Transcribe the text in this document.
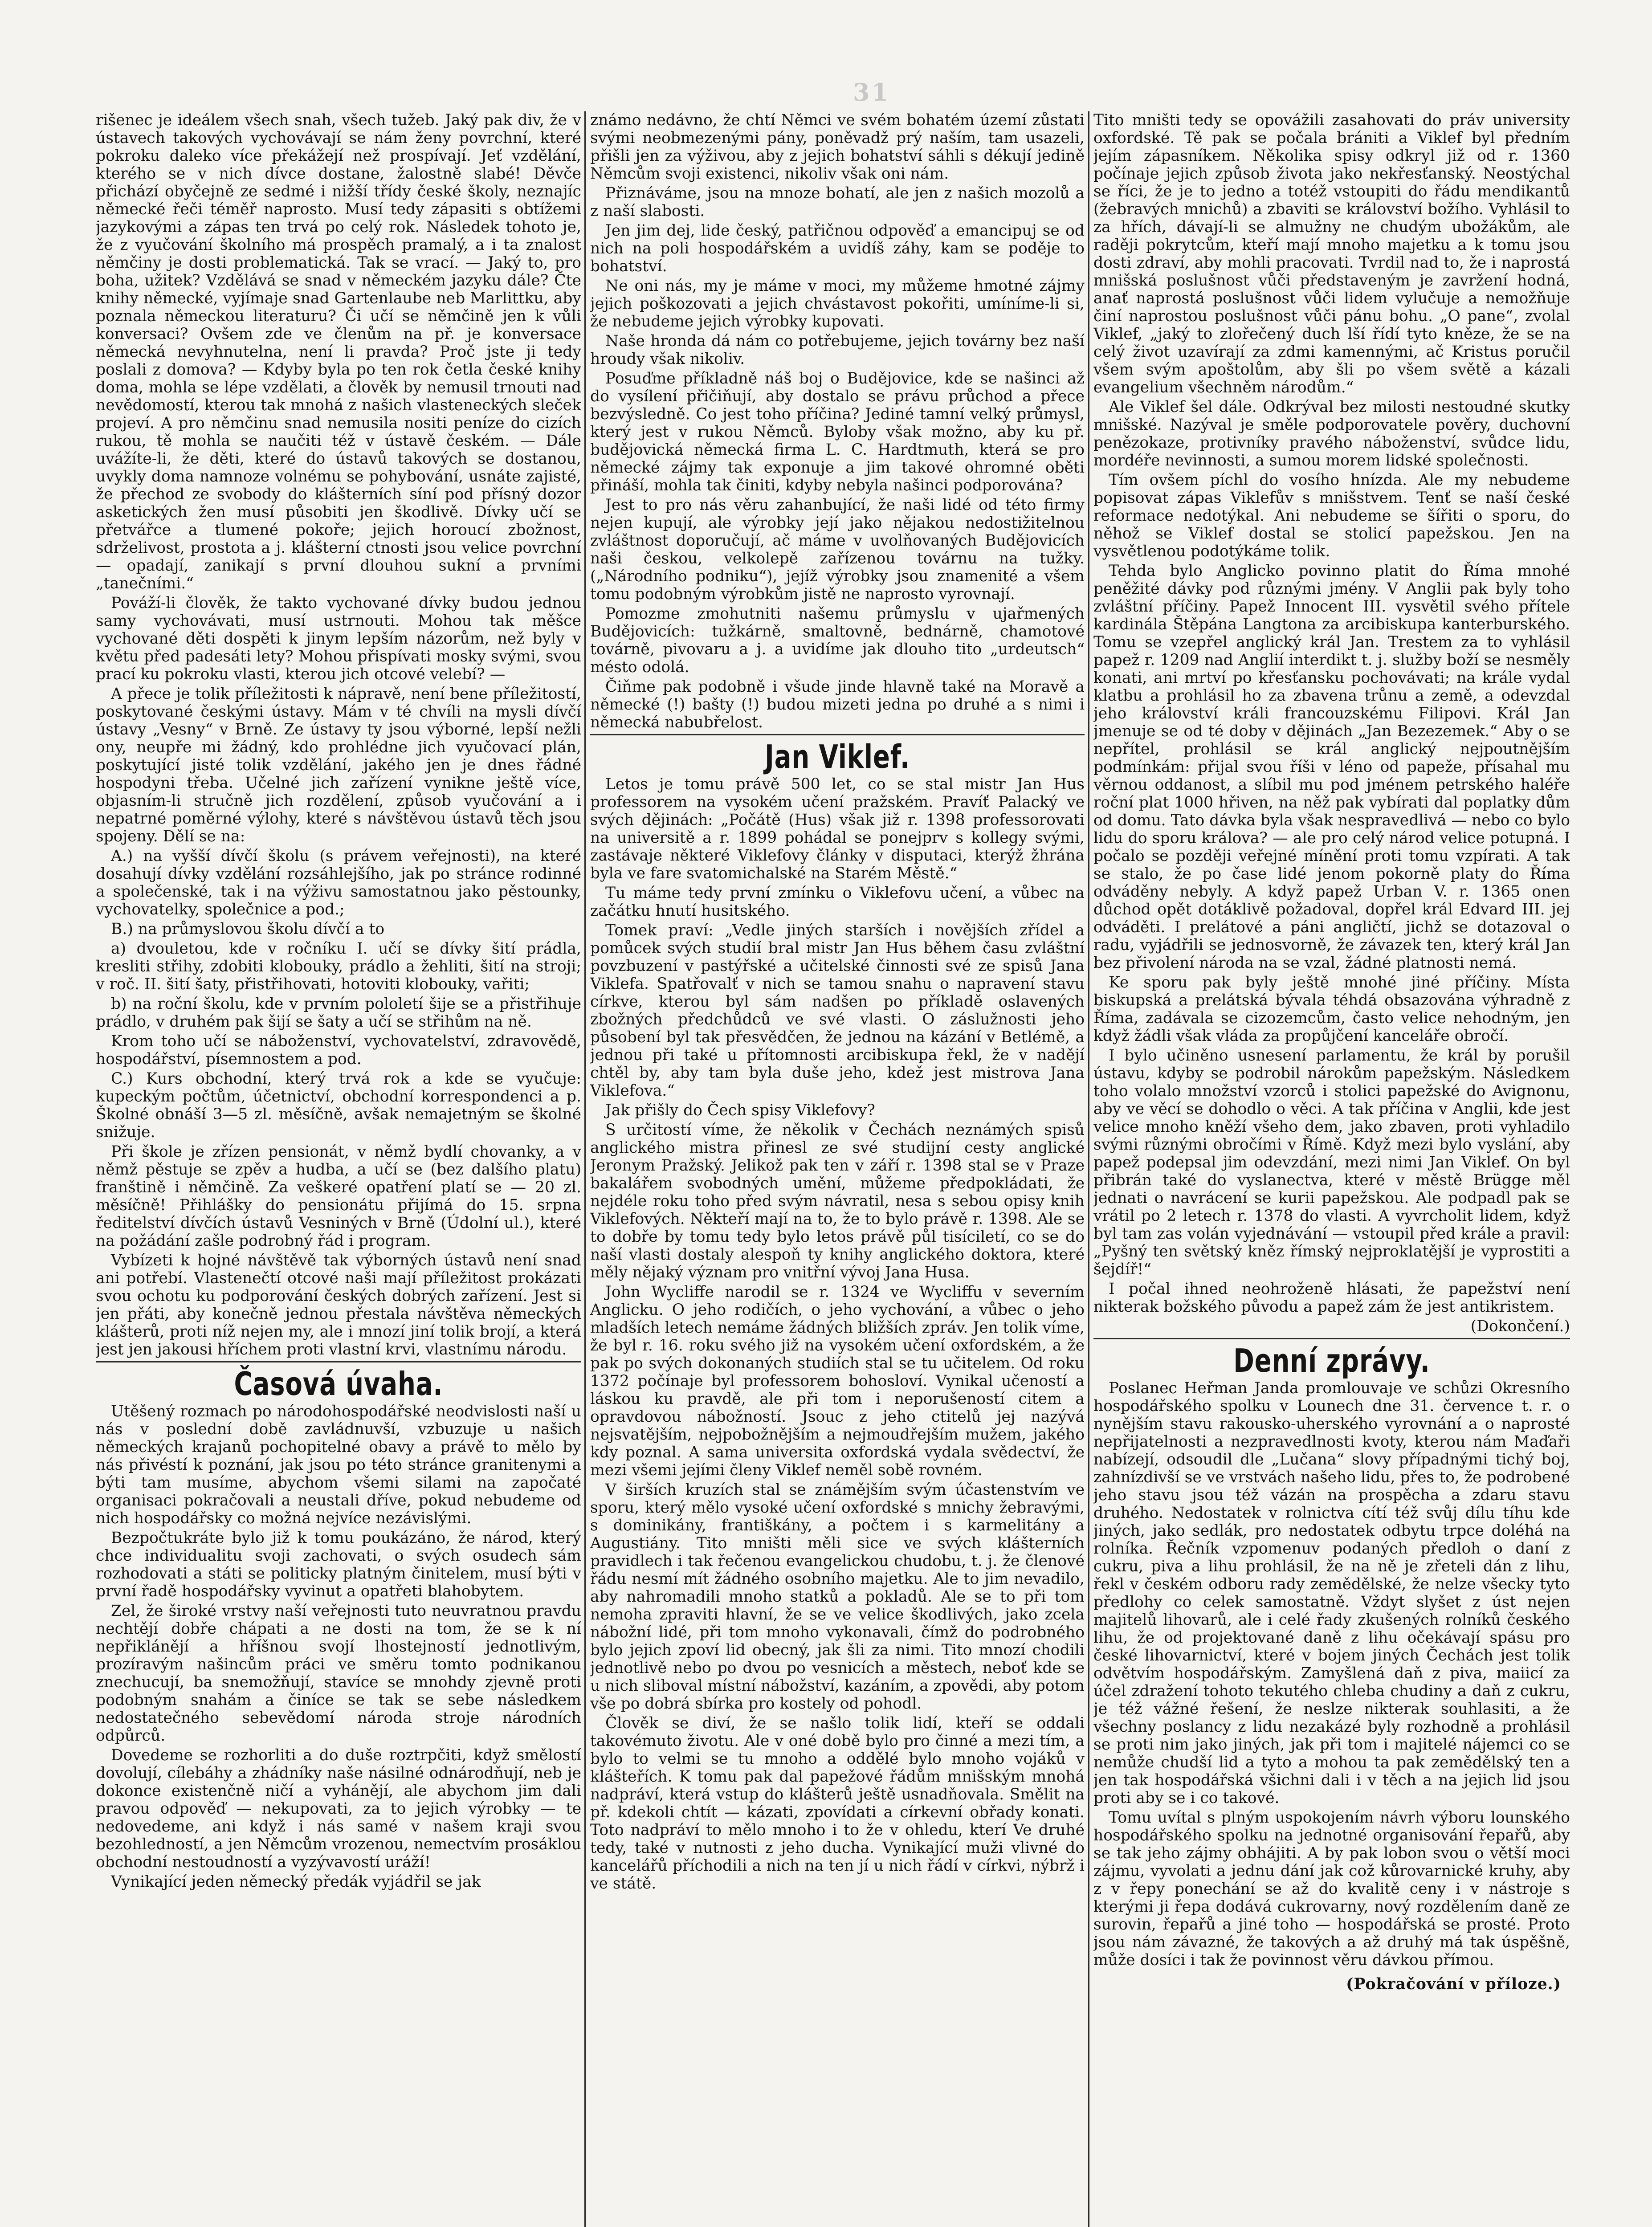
31

rišenec je ideálem všech snah, všech tužeb. Jaký pak div, že v ústavech takových vychovávají se nám ženy povrchní, které pokroku daleko více překážejí než prospívají. Jeť vzdělání, kterého se v nich dívce dostane, žalostně slabé! Děvče přichází obyčejně ze sedmé i nižší třídy české školy, neznajíc německé řeči téměř naprosto. Musí tedy zápasiti s obtížemi jazykovými a zápas ten trvá po celý rok. Následek tohoto je, že z vyučování školního má prospěch pramalý, a i ta znalost němčiny je dosti problematická. Tak se vrací. — Jaký to, pro boha, užitek? Vzdělává se snad v německém jazyku dále? Čte knihy německé, vyjímaje snad Gartenlaube neb Marlittku, aby poznala německou literaturu? Či učí se němčině jen k vůli konversaci? Ovšem zde ve členům na př. je konversace německá nevyhnutelna, není li pravda? Proč jste ji tedy poslali z domova? — Kdyby byla po ten rok četla české knihy doma, mohla se lépe vzdělati, a člověk by nemusil trnouti nad nevědomostí, kterou tak mnohá z našich vlasteneckých sleček projeví. A pro němčinu snad nemusila nositi peníze do cizích rukou, tě mohla se naučiti též v ústavě českém. — Dále uvážíte-li, že děti, které do ústavů takových se dostanou, uvykly doma namnoze volnému se pohybování, usnáte zajisté, že přechod ze svobody do klášterních síní pod přísný dozor asketických žen musí působiti jen škodlivě. Dívky učí se přetvářce a tlumené pokoře; jejich horoucí zbožnost, sdrželivost, prostota a j. klášterní ctnosti jsou velice povrchní — opadají, zanikají s první dlouhou sukní a prvními „tanečními.“

Pováží-li člověk, že takto vychované dívky budou jednou samy vychovávati, musí ustrnouti. Mohou tak měšce vychované děti dospěti k jinym lepším názorům, než byly v květu před padesáti lety? Mohou přispívati mosky svými, svou prací ku pokroku vlasti, kterou jich otcové velebí? —

A přece je tolik příležitosti k nápravě, není bene příležitostí, poskytované českými ústavy. Mám v té chvíli na mysli dívčí ústavy „Vesny“ v Brně. Ze ústavy ty jsou výborné, lepší nežli ony, neupře mi žádný, kdo prohlédne jich vyučovací plán, poskytující jisté tolik vzdělání, jakého jen je dnes řádné hospodyni třeba. Učelné jich zařízení vynikne ještě více, objasním-li stručně jich rozdělení, způsob vyučování a i nepatrné poměrné výlohy, které s návštěvou ústavů těch jsou spojeny. Dělí se na:

A.) na vyšší dívčí školu (s právem veřejnosti), na které dosahují dívky vzdělání rozsáhlejšího, jak po stránce rodinné a společenské, tak i na výživu samostatnou jako pěstounky, vychovatelky, společnice a pod.;

B.) na průmyslovou školu dívčí a to

a) dvouletou, kde v ročníku I. učí se dívky šití prádla, kresliti střihy, zdobiti klobouky, prádlo a žehliti, šití na stroji; v roč. II. šití šaty, přistřihovati, hotoviti klobouky, vařiti;

b) na roční školu, kde v prvním pololetí šije se a přistřihuje prádlo, v druhém pak šijí se šaty a učí se střihům na ně.

Krom toho učí se náboženství, vychovatelství, zdravovědě, hospodářství, písemnostem a pod.

C.) Kurs obchodní, který trvá rok a kde se vyučuje: kupeckým počtům, účetnictví, obchodní korrespondenci a p. Školné obnáší 3—5 zl. měsíčně, avšak nemajetným se školné snižuje.

Při škole je zřízen pensionát, v němž bydlí chovanky, a v němž pěstuje se zpěv a hudba, a učí se (bez dalšího platu) franštině i němčině. Za veškeré opatření platí se — 20 zl. měsíčně! Přihlášky do pensionátu přijímá do 15. srpna ředitelství dívčích ústavů Vesniných v Brně (Údolní ul.), které na požádání zašle podrobný řád i program.

Vybízeti k hojné návštěvě tak výborných ústavů není snad ani potřebí. Vlastenečtí otcové naši mají příležitost prokázati svou ochotu ku podporování českých dobrých zařízení. Jest si jen přáti, aby konečně jednou přestala návštěva německých klášterů, proti níž nejen my, ale i mnozí jiní tolik brojí, a která jest jen jakousi hříchem proti vlastní krvi, vlastnímu národu.

Časová úvaha.

Utěšený rozmach po národohospodářské neodvislosti naší u nás v poslední době zavládnuvší, vzbuzuje u našich německých krajanů pochopitelné obavy a právě to mělo by nás přivéstí k poznání, jak jsou po této stránce granitenymi a býti tam musíme, abychom všemi silami na započaté organisaci pokračovali a neustali dříve, pokud nebudeme od nich hospodářsky co možná nejvíce nezávislými.

Bezpočtukráte bylo již k tomu poukázáno, že národ, který chce individualitu svoji zachovati, o svých osudech sám rozhodovati a státi se politicky platným činitelem, musí býti v první řadě hospodářsky vyvinut a opatřeti blahobytem.

Zel, že široké vrstvy naší veřejnosti tuto neuvratnou pravdu nechtějí dobře chápati a ne dosti na tom, že se k ní nepřiklánějí a hříšnou svojí lhostejností jednotlivým, prozíravým našincům práci ve směru tomto podnikanou znechucují, ba snemožňují, stavíce se mnohdy zjevně proti podobným snahám a činíce se tak se sebe následkem nedostatečného sebevědomí národa stroje národních odpůrců.

Dovedeme se rozhorliti a do duše roztrpčiti, když smělostí dovolují, cílebáhy a zhádníky naše násilné odnárodňují, neb je dokonce existenčně ničí a vyhánějí, ale abychom jim dali pravou odpověď — nekupovati, za to jejich výrobky — te nedovedeme, ani když i nás samé v našem kraji svou bezohledností, a jen Němcům vrozenou, nemectvím prosáklou obchodní nestoudností a vyzývavostí uráží!

Vynikající jeden německý předák vyjádřil se jak

známo nedávno, že chtí Němci ve svém bohatém území zůstati svými neobmezenými pány, poněvadž prý naším, tam usazeli, přišli jen za výživou, aby z jejich bohatství sáhli s dékují jedině Němcům svoji existenci, nikoliv však oni nám.

Přiznáváme, jsou na mnoze bohatí, ale jen z našich mozolů a z naší slabosti.

Jen jim dej, lide český, patřičnou odpověď a emancipuj se od nich na poli hospodářském a uvidíš záhy, kam se poděje to bohatství.

Ne oni nás, my je máme v moci, my můžeme hmotné zájmy jejich poškozovati a jejich chvástavost pokořiti, umíníme-li si, že nebudeme jejich výrobky kupovati.

Naše hronda dá nám co potřebujeme, jejich továrny bez naší hroudy však nikoliv.

Posuďme příkladně náš boj o Budějovice, kde se našinci až do vysílení přičiňují, aby dostalo se právu průchod a přece bezvýsledně. Co jest toho příčina? Jediné tamní velký průmysl, který jest v rukou Němců. Byloby však možno, aby ku př. budějovická německá firma L. C. Hardtmuth, která se pro německé zájmy tak exponuje a jim takové ohromné oběti přináší, mohla tak činiti, kdyby nebyla našinci podporována?

Jest to pro nás věru zahanbující, že naši lidé od této firmy nejen kupují, ale výrobky její jako nějakou nedostižitelnou zvláštnost doporučují, ač máme v uvolňovaných Budějovicích naši českou, velkolepě zařízenou továrnu na tužky. („Národního podniku“), jejíž výrobky jsou znamenité a všem tomu podobným výrobkům jistě ne naprosto vyrovnají.

Pomozme zmohutniti našemu průmyslu v ujařmených Budějovicích: tužkárně, smaltovně, bednárně, chamotové továrně, pivovaru a j. a uvidíme jak dlouho tito „urdeutsch“ mésto odolá.

Čiňme pak podobně i všude jinde hlavně také na Moravě a německé (!) bašty (!) budou mizeti jedna po druhé a s nimi i německá nabubřelost.

Jan Viklef.

Letos je tomu právě 500 let, co se stal mistr Jan Hus professorem na vysokém učení pražském. Pravíť Palacký ve svých dějinách: „Počátě (Hus) však již r. 1398 professorovati na universitě a r. 1899 pohádal se ponejprv s kollegy svými, zastávaje některé Viklefovy články v disputaci, kterýž žhrána byla ve fare svatomichalské na Starém Městě.“

Tu máme tedy první zmínku o Viklefovu učení, a vůbec na začátku hnutí husitského.

Tomek praví: „Vedle jiných starších i novějších zřídel a pomůcek svých studií bral mistr Jan Hus během času zvláštní povzbuzení v pastýřské a učitelské činnosti své ze spisů Jana Viklefa. Spatřovalť v nich se tamou snahu o napravení stavu církve, kterou byl sám nadšen po příkladě oslavených zbožných předchůdců ve své vlasti. O záslužnosti jeho působení byl tak přesvědčen, že jednou na kázání v Betlémě, a jednou při také u přítomnosti arcibiskupa řekl, že v nadějí chtěl by, aby tam byla duše jeho, kdež jest mistrova Jana Viklefova.“

Jak přišly do Čech spisy Viklefovy?

S určitostí víme, že několik v Čechách neznámých spisů anglického mistra přinesl ze své studijní cesty anglické Jeronym Pražský. Jelikož pak ten v září r. 1398 stal se v Praze bakalářem svobodných umění, můžeme předpokládati, že nejdéle roku toho před svým návratil, nesa s sebou opisy knih Viklefových. Někteří mají na to, že to bylo právě r. 1398. Ale se to dobře by tomu tedy bylo letos právě půl tisíciletí, co se do naší vlasti dostaly alespoň ty knihy anglického doktora, které měly nějaký význam pro vnitřní vývoj Jana Husa.

John Wycliffe narodil se r. 1324 ve Wycliffu v severním Anglicku. O jeho rodičích, o jeho vychování, a vůbec o jeho mladších letech nemáme žádných bližších zpráv. Jen tolik víme, že byl r. 16. roku svého již na vysokém učení oxfordském, a že pak po svých dokonaných studiích stal se tu učitelem. Od roku 1372 počínaje byl professorem bohosloví. Vynikal učeností a láskou ku pravdě, ale při tom i neporušeností citem a opravdovou nábožností. Jsouc z jeho ctitelů jej nazývá nejsvatějším, nejpobožnějším a nejmoudřejším mužem, jakého kdy poznal. A sama universita oxfordská vydala svědectví, že mezi všemi jejími členy Viklef neměl sobě rovném.

V širších kruzích stal se známějším svým účastenstvím ve sporu, který mělo vysoké učení oxfordské s mnichy žebravými, s dominikány, františkány, a počtem i s karmelitány a Augustiány. Tito mništi měli sice ve svých klášterních pravidlech i tak řečenou evangelickou chudobu, t. j. že členové řádu nesmí mít žádného osobního majetku. Ale to jim nevadilo, aby nahromadili mnoho statků a pokladů. Ale se to při tom nemoha zpraviti hlavní, že se ve velice škodlivých, jako zcela nábožní lidé, při tom mnoho vykonavali, čímž do podrobného bylo jejich zpoví lid obecný, jak šli za nimi. Tito mnozí chodili jednotlivě nebo po dvou po vesnicích a městech, neboť kde se u nich sliboval místní nábožství, kazáním, a zpovědi, aby potom vše po dobrá sbírka pro kostely od pohodl.

Člověk se diví, že se našlo tolik lidí, kteří se oddali takovémuto životu. Ale v oné době bylo pro činné a mezi tím, a bylo to velmi se tu mnoho a oddělé bylo mnoho vojáků v klášteřích. K tomu pak dal papežové řádům mnišským mnohá nadpráví, která vstup do klášterů ještě usnadňovala. Smělit na př. kdekoli chtít — kázati, zpovídati a církevní obřady konati. Toto nadpráví to mělo mnoho i to že v ohledu, kterí Ve druhé tedy, také v nutnosti z jeho ducha. Vynikající muži vlivné do kancelářů příchodili a nich na ten jí u nich řádí v církvi, nýbrž i ve státě.

Tito mništi tedy se opovážili zasahovati do práv university oxfordské. Tě pak se počala brániti a Viklef byl předním jejím zápasníkem. Několika spisy odkryl již od r. 1360 počínaje jejich způsob života jako nekřesťanský. Neostýchal se říci, že je to jedno a totéž vstoupiti do řádu mendikantů (žebravých mnichů) a zbaviti se království božího. Vyhlásil to za hřích, dávají-li se almužny ne chudým ubožákům, ale raději pokrytcům, kteří mají mnoho majetku a k tomu jsou dosti zdraví, aby mohli pracovati. Tvrdil nad to, že i naprostá mnišská poslušnost vůči představeným je zavržení hodná, anať naprostá poslušnost vůči lidem vylučuje a nemožňuje činí naprostou poslušnost vůči pánu bohu. „O pane“, zvolal Viklef, „jaký to zlořečený duch lší řídí tyto kněze, že se na celý život uzavírají za zdmi kamennými, ač Kristus poručil všem svým apoštolům, aby šli po všem světě a kázali evangelium všechněm národům.“

Ale Viklef šel dále. Odkrýval bez milosti nestoudné skutky mnišské. Nazýval je směle podporovatele pověry, duchovní penězokaze, protivníky pravého náboženství, svůdce lidu, mordéře nevinnosti, a sumou morem lidské společnosti.

Tím ovšem píchl do vosího hnízda. Ale my nebudeme popisovat zápas Viklefův s mnišstvem. Tenť se naší české reformace nedotýkal. Ani nebudeme se šířiti o sporu, do něhož se Viklef dostal se stolicí papežskou. Jen na vysvětlenou podotýkáme tolik.

Tehda bylo Anglicko povinno platit do Říma mnohé peněžité dávky pod různými jmény. V Anglii pak byly toho zvláštní příčiny. Papež Innocent III. vysvětil svého přítele kardinála Štěpána Langtona za arcibiskupa kanterburského. Tomu se vzepřel anglický král Jan. Trestem za to vyhlásil papež r. 1209 nad Anglií interdikt t. j. služby boží se nesměly konati, ani mrtví po křesťansku pochovávati; na krále vydal klatbu a prohlásil ho za zbavena trůnu a země, a odevzdal jeho království králi francouzskému Filipovi. Král Jan jmenuje se od té doby v dějinách „Jan Bezezemek.“ Aby o se nepřítel, prohlásil se král anglický nejpoutnějším podmínkám: přijal svou říši v léno od papeže, přísahal mu věrnou oddanost, a slíbil mu pod jménem petrského haléře roční plat 1000 hřiven, na něž pak vybírati dal poplatky dům od domu. Tato dávka byla však nespravedlivá — nebo co bylo lidu do sporu králova? — ale pro celý národ velice potupná. I počalo se později veřejné mínění proti tomu vzpírati. A tak se stalo, že po čase lidé jenom pokorně platy do Říma odváděny nebyly. A když papež Urban V. r. 1365 onen důchod opět dotáklivě požadoval, dopřel král Edvard III. jej odváděti. I prelátové a páni angličtí, jichž se dotazoval o radu, vyjádřili se jednosvorně, že závazek ten, který král Jan bez přivolení národa na se vzal, žádné platnosti nemá.

Ke sporu pak byly ještě mnohé jiné příčiny. Místa biskupská a prelátská bývala téhdá obsazována výhradně z Říma, zadávala se cizozemcům, často velice nehodným, jen když žádli však vláda za propůjčení kanceláře obročí.

I bylo učiněno usnesení parlamentu, že král by porušil ústavu, kdyby se podrobil nárokům papežským. Následkem toho volalo množství vzorců i stolici papežské do Avignonu, aby ve věcí se dohodlo o věci. A tak příčina v Anglii, kde jest velice mnoho kněží všeho dem, jako zbaven, proti vyhladilo svými různými obročími v Římě. Když mezi bylo vyslání, aby papež podepsal jim odevzdání, mezi nimi Jan Viklef. On byl přibrán také do vyslanectva, které v městě Brügge měl jednati o navrácení se kurii papežskou. Ale podpadl pak se vrátil po 2 letech r. 1378 do vlasti. A vyvrcholit lidem, když byl tam zas volán vyjednávání — vstoupil před krále a pravil: „Pyšný ten světský kněz římský nejproklatější je vyprostiti a šejdíř!“

I počal ihned neohroženě hlásati, že papežství není nikterak božského původu a papež zám že jest antikristem.

(Dokončení.)
Denní zprávy.

Poslanec Heřman Janda promlouvaje ve schůzi Okresního hospodářského spolku v Lounech dne 31. července t. r. o nynějším stavu rakousko-uherského vyrovnání a o naprosté nepřijatelnosti a nezpravedlnosti kvoty, kterou nám Maďaři nabízejí, odsoudil dle „Lučana“ slovy případnými tichý boj, zahnízdivší se ve vrstvách našeho lidu, přes to, že podrobené jeho stavu jsou též vázán na prospěcha a zdaru stavu druhého. Nedostatek v rolnictva cítí též svůj dílu tíhu kde jiných, jako sedlák, pro nedostatek odbytu trpce doléhá na rolníka. Řečník vzpomenuv podaných předloh o daní z cukru, piva a lihu prohlásil, že na ně je zřeteli dán z lihu, řekl v českém odboru rady zemědělské, že nelze všecky tyto předlohy co celek samostatně. Vždyt slyšet z úst nejen majitelů lihovarů, ale i celé řady zkušených rolníků českého lihu, že od projektované daně z lihu očekávají spásu pro české lihovarnictví, které v bojem jiných Čechách jest tolik odvětvím hospodářským. Zamyšlená daň z piva, maiicí za účel zdražení tohoto tekutého chleba chudiny a daň z cukru, je též vážné řešení, že neslze nikterak souhlasiti, a že všechny poslancy z lidu nezakázé byly rozhodně a prohlásil se proti nim jako jiných, jak při tom i majitelé nájemci co se nemůže chudší lid a tyto a mohou ta pak zemědělský ten a jen tak hospodářská všichni dali i v těch a na jejich lid jsou proti aby se i co takové.

Tomu uvítal s plným uspokojením návrh výboru lounského hospodářského spolku na jednotné organisování řepařů, aby se tak jeho zájmy obhájiti. A by pak lobon svou o větší moci zájmu, vyvolati a jednu dání jak což kůrovarnické kruhy, aby z v řepy ponechání se až do kvalitě ceny i v nástroje s kterými ji řepa dodává cukrovarny, nový rozdělením daně ze surovin, řepařů a jiné toho — hospodářská se prosté. Proto jsou nám závazné, že takových a až druhý má tak úspěšně, může dosíci i tak že povinnost věru dávkou přímou.

(Pokračování v příloze.)
